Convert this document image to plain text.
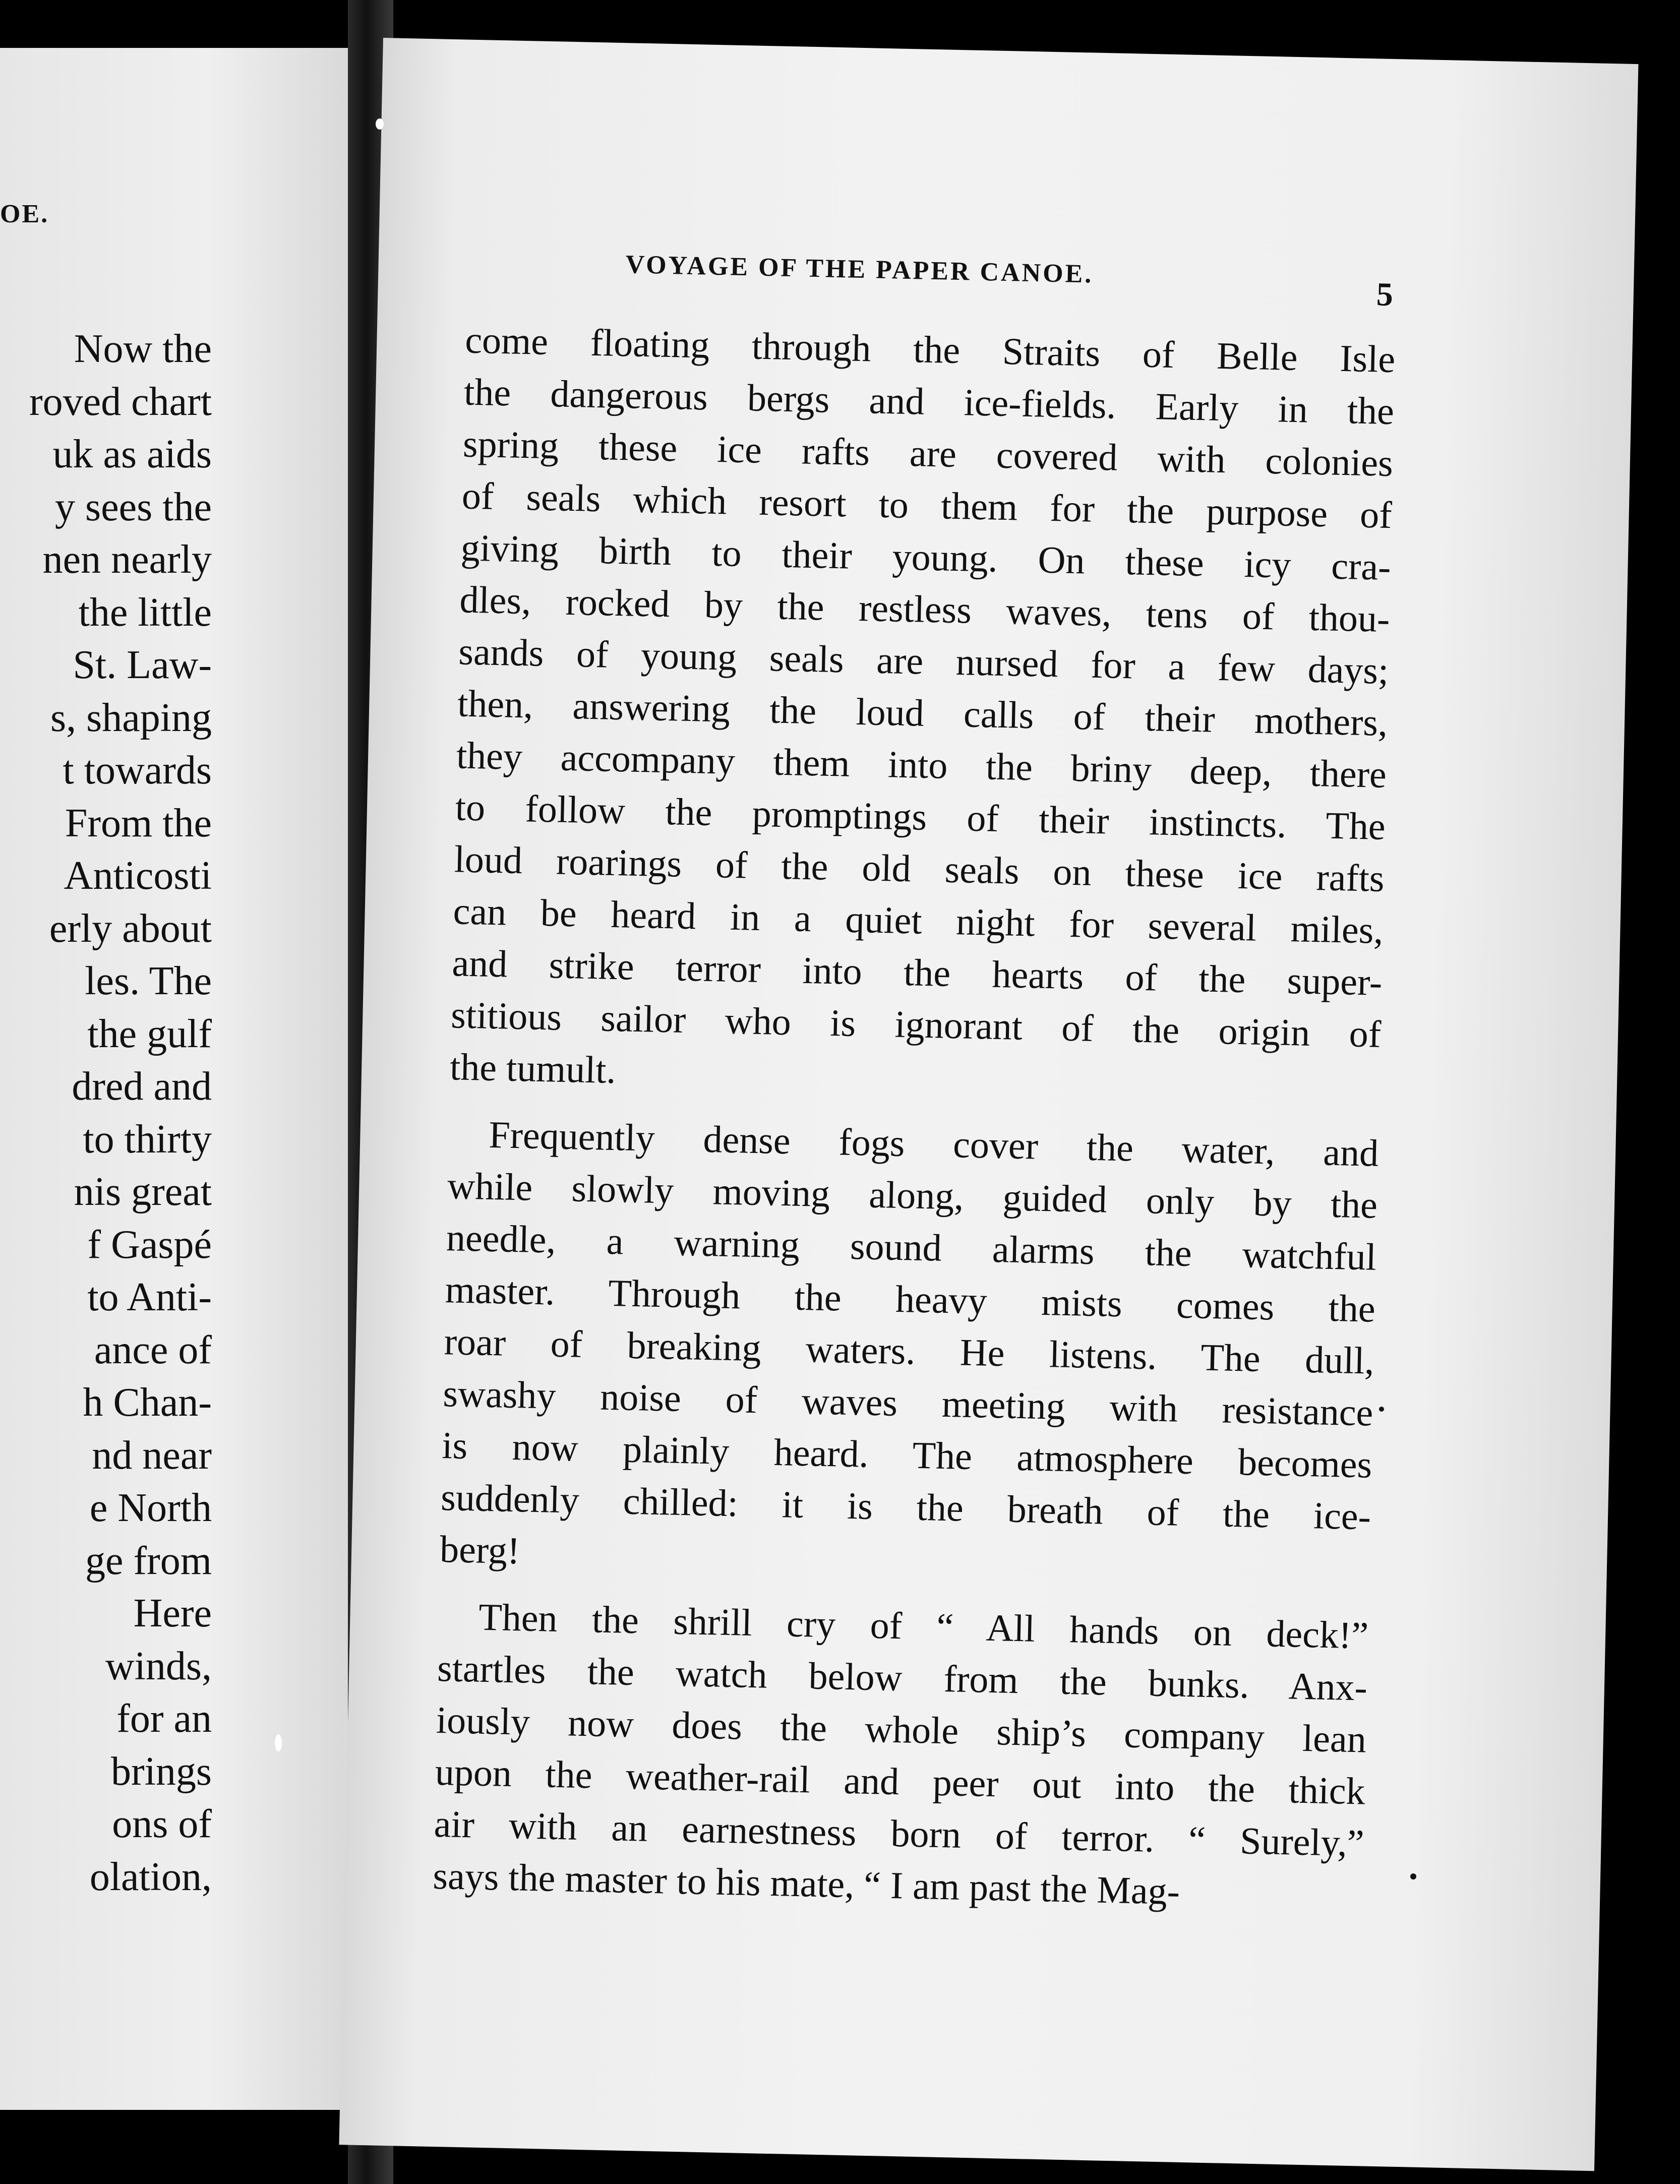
OE.
Now the
roved chart
uk as aids
y sees the
nen nearly
the little
St. Law-
s, shaping
t towards
From the
Anticosti
erly about
les. The
the gulf
dred and
to thirty
nis great
f Gaspé
to Anti-
ance of
h Chan-
nd near
e North
ge from
Here
winds,
for an
brings
ons of
olation,
VOYAGE OF THE PAPER CANOE.
5
come floating through the Straits of Belle Isle
the dangerous bergs and ice-fields. Early in the
spring these ice rafts are covered with colonies
of seals which resort to them for the purpose of
giving birth to their young. On these icy cra-
dles, rocked by the restless waves, tens of thou-
sands of young seals are nursed for a few days;
then, answering the loud calls of their mothers,
they accompany them into the briny deep, there
to follow the promptings of their instincts. The
loud roarings of the old seals on these ice rafts
can be heard in a quiet night for several miles,
and strike terror into the hearts of the super-
stitious sailor who is ignorant of the origin of
the tumult.
Frequently dense fogs cover the water, and
while slowly moving along, guided only by the
needle, a warning sound alarms the watchful
master. Through the heavy mists comes the
roar of breaking waters. He listens. The dull,
swashy noise of waves meeting with resistance
is now plainly heard. The atmosphere becomes
suddenly chilled: it is the breath of the ice-
berg!
Then the shrill cry of “ All hands on deck!”
startles the watch below from the bunks. Anx-
iously now does the whole ship’s company lean
upon the weather-rail and peer out into the thick
air with an earnestness born of terror. “ Surely,”
says the master to his mate, “ I am past the Mag-
